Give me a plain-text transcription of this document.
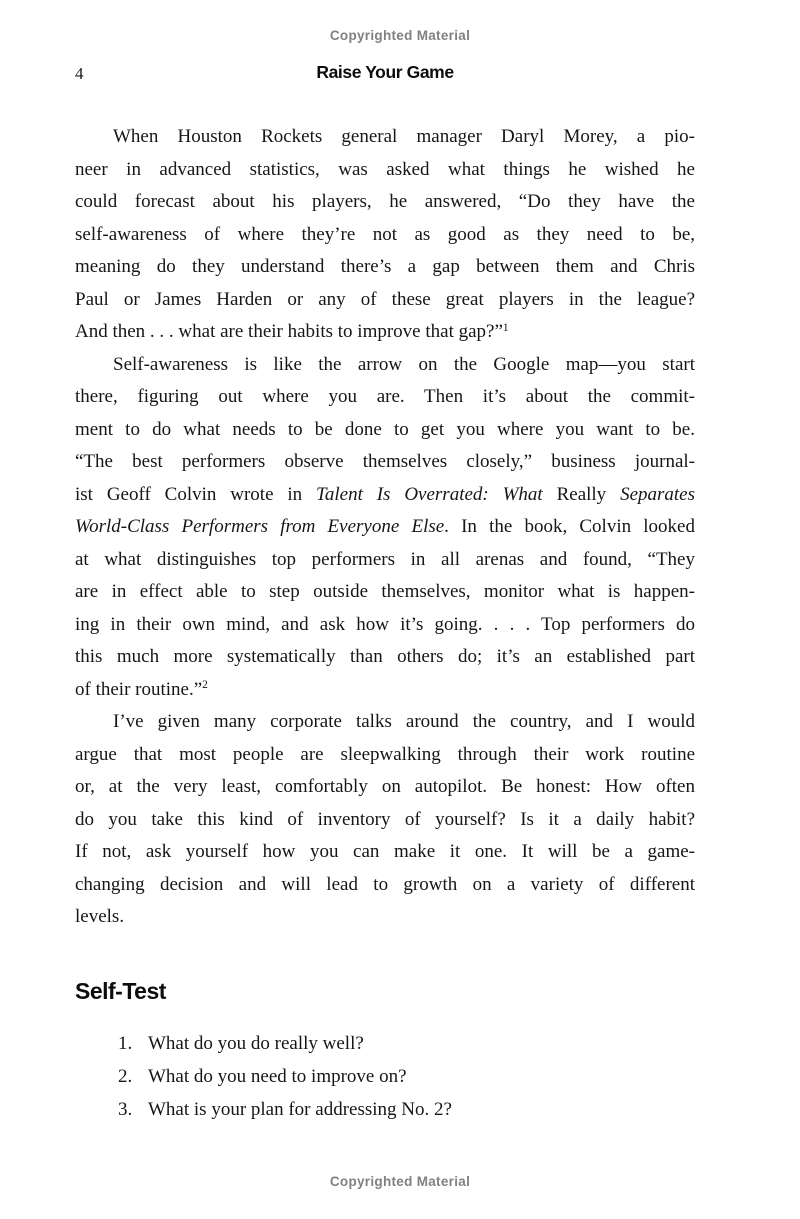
Copyrighted Material
4	Raise Your Game
When Houston Rockets general manager Daryl Morey, a pio-
neer in advanced statistics, was asked what things he wished he
could forecast about his players, he answered, “Do they have the
self-awareness of where they’re not as good as they need to be,
meaning do they understand there’s a gap between them and Chris
Paul or James Harden or any of these great players in the league?
And then . . . what are their habits to improve that gap?”$^1$
Self-awareness is like the arrow on the Google map—you start
there, figuring out where you are. Then it’s about the commit-
ment to do what needs to be done to get you where you want to be.
“The best performers observe themselves closely,” business journal-
ist Geoff Colvin wrote in Talent Is Overrated: What Really Separates
World-Class Performers from Everyone Else. In the book, Colvin looked
at what distinguishes top performers in all arenas and found, “They
are in effect able to step outside themselves, monitor what is happen-
ing in their own mind, and ask how it’s going. . . . Top performers do
this much more systematically than others do; it’s an established part
of their routine.”$^2$
I’ve given many corporate talks around the country, and I would
argue that most people are sleepwalking through their work routine
or, at the very least, comfortably on autopilot. Be honest: How often
do you take this kind of inventory of yourself? Is it a daily habit?
If not, ask yourself how you can make it one. It will be a game-
changing decision and will lead to growth on a variety of different
levels.
Self-Test
1. What do you do really well?
2. What do you need to improve on?
3. What is your plan for addressing No. 2?
Copyrighted Material
